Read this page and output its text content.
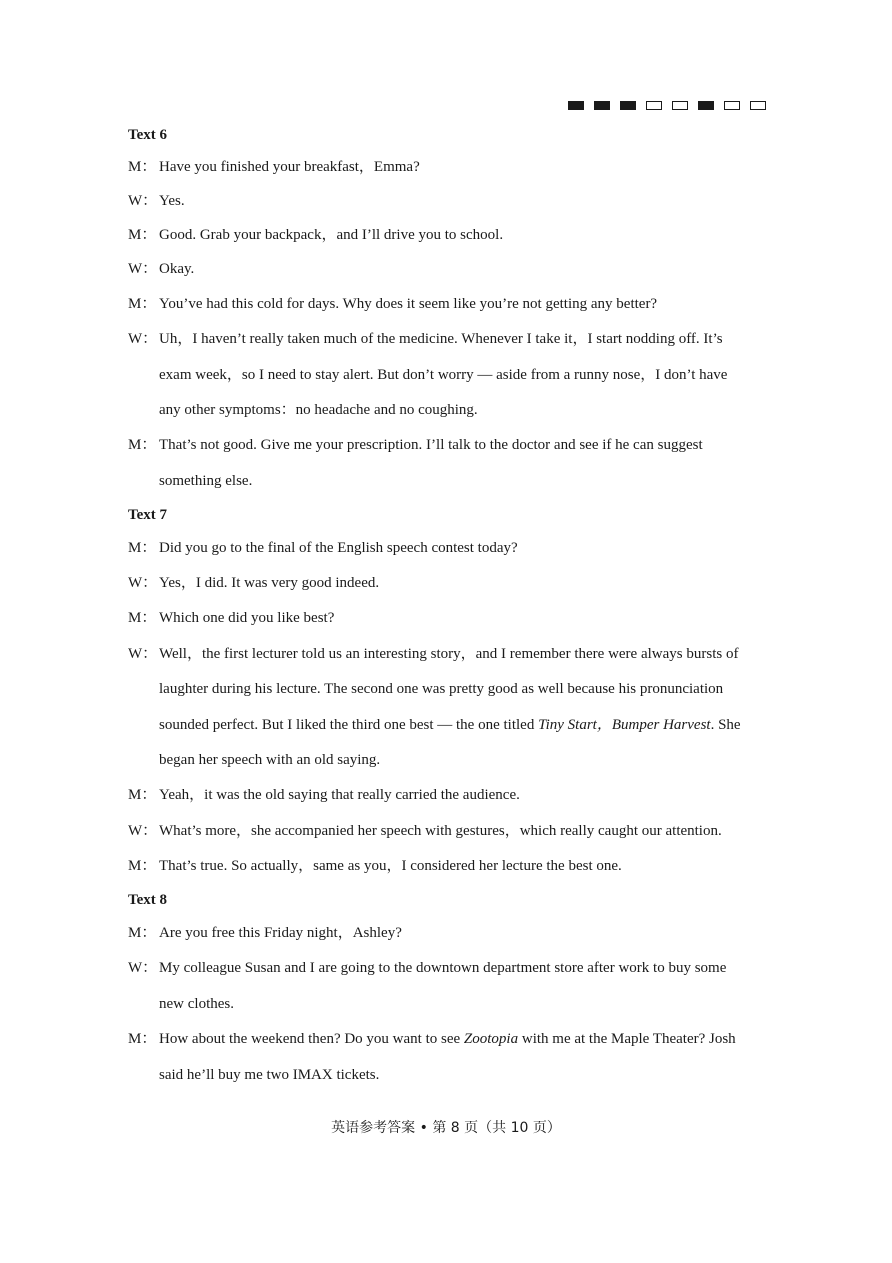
Text 6
M： Have you finished your breakfast，Emma?
W： Yes.
M： Good. Grab your backpack，and I’ll drive you to school.
W： Okay.
M： You’ve had this cold for days. Why does it seem like you’re not getting any better?
W： Uh，I haven’t really taken much of the medicine. Whenever I take it，I start nodding off. It’s
exam week，so I need to stay alert. But don’t worry — aside from a runny nose，I don’t have
any other symptoms：no headache and no coughing.
M： That’s not good. Give me your prescription. I’ll talk to the doctor and see if he can suggest
something else.
Text 7
M： Did you go to the final of the English speech contest today?
W： Yes，I did. It was very good indeed.
M： Which one did you like best?
W： Well，the first lecturer told us an interesting story，and I remember there were always bursts of
laughter during his lecture. The second one was pretty good as well because his pronunciation
sounded perfect. But I liked the third one best — the one titled Tiny Start，Bumper Harvest. She
began her speech with an old saying.
M： Yeah，it was the old saying that really carried the audience.
W： What’s more，she accompanied her speech with gestures，which really caught our attention.
M： That’s true. So actually，same as you，I considered her lecture the best one.
Text 8
M： Are you free this Friday night，Ashley?
W： My colleague Susan and I are going to the downtown department store after work to buy some
new clothes.
M： How about the weekend then? Do you want to see Zootopia with me at the Maple Theater? Josh
said he’ll buy me two IMAX tickets.
英语参考答案 • 第 8 页（共 10 页）
